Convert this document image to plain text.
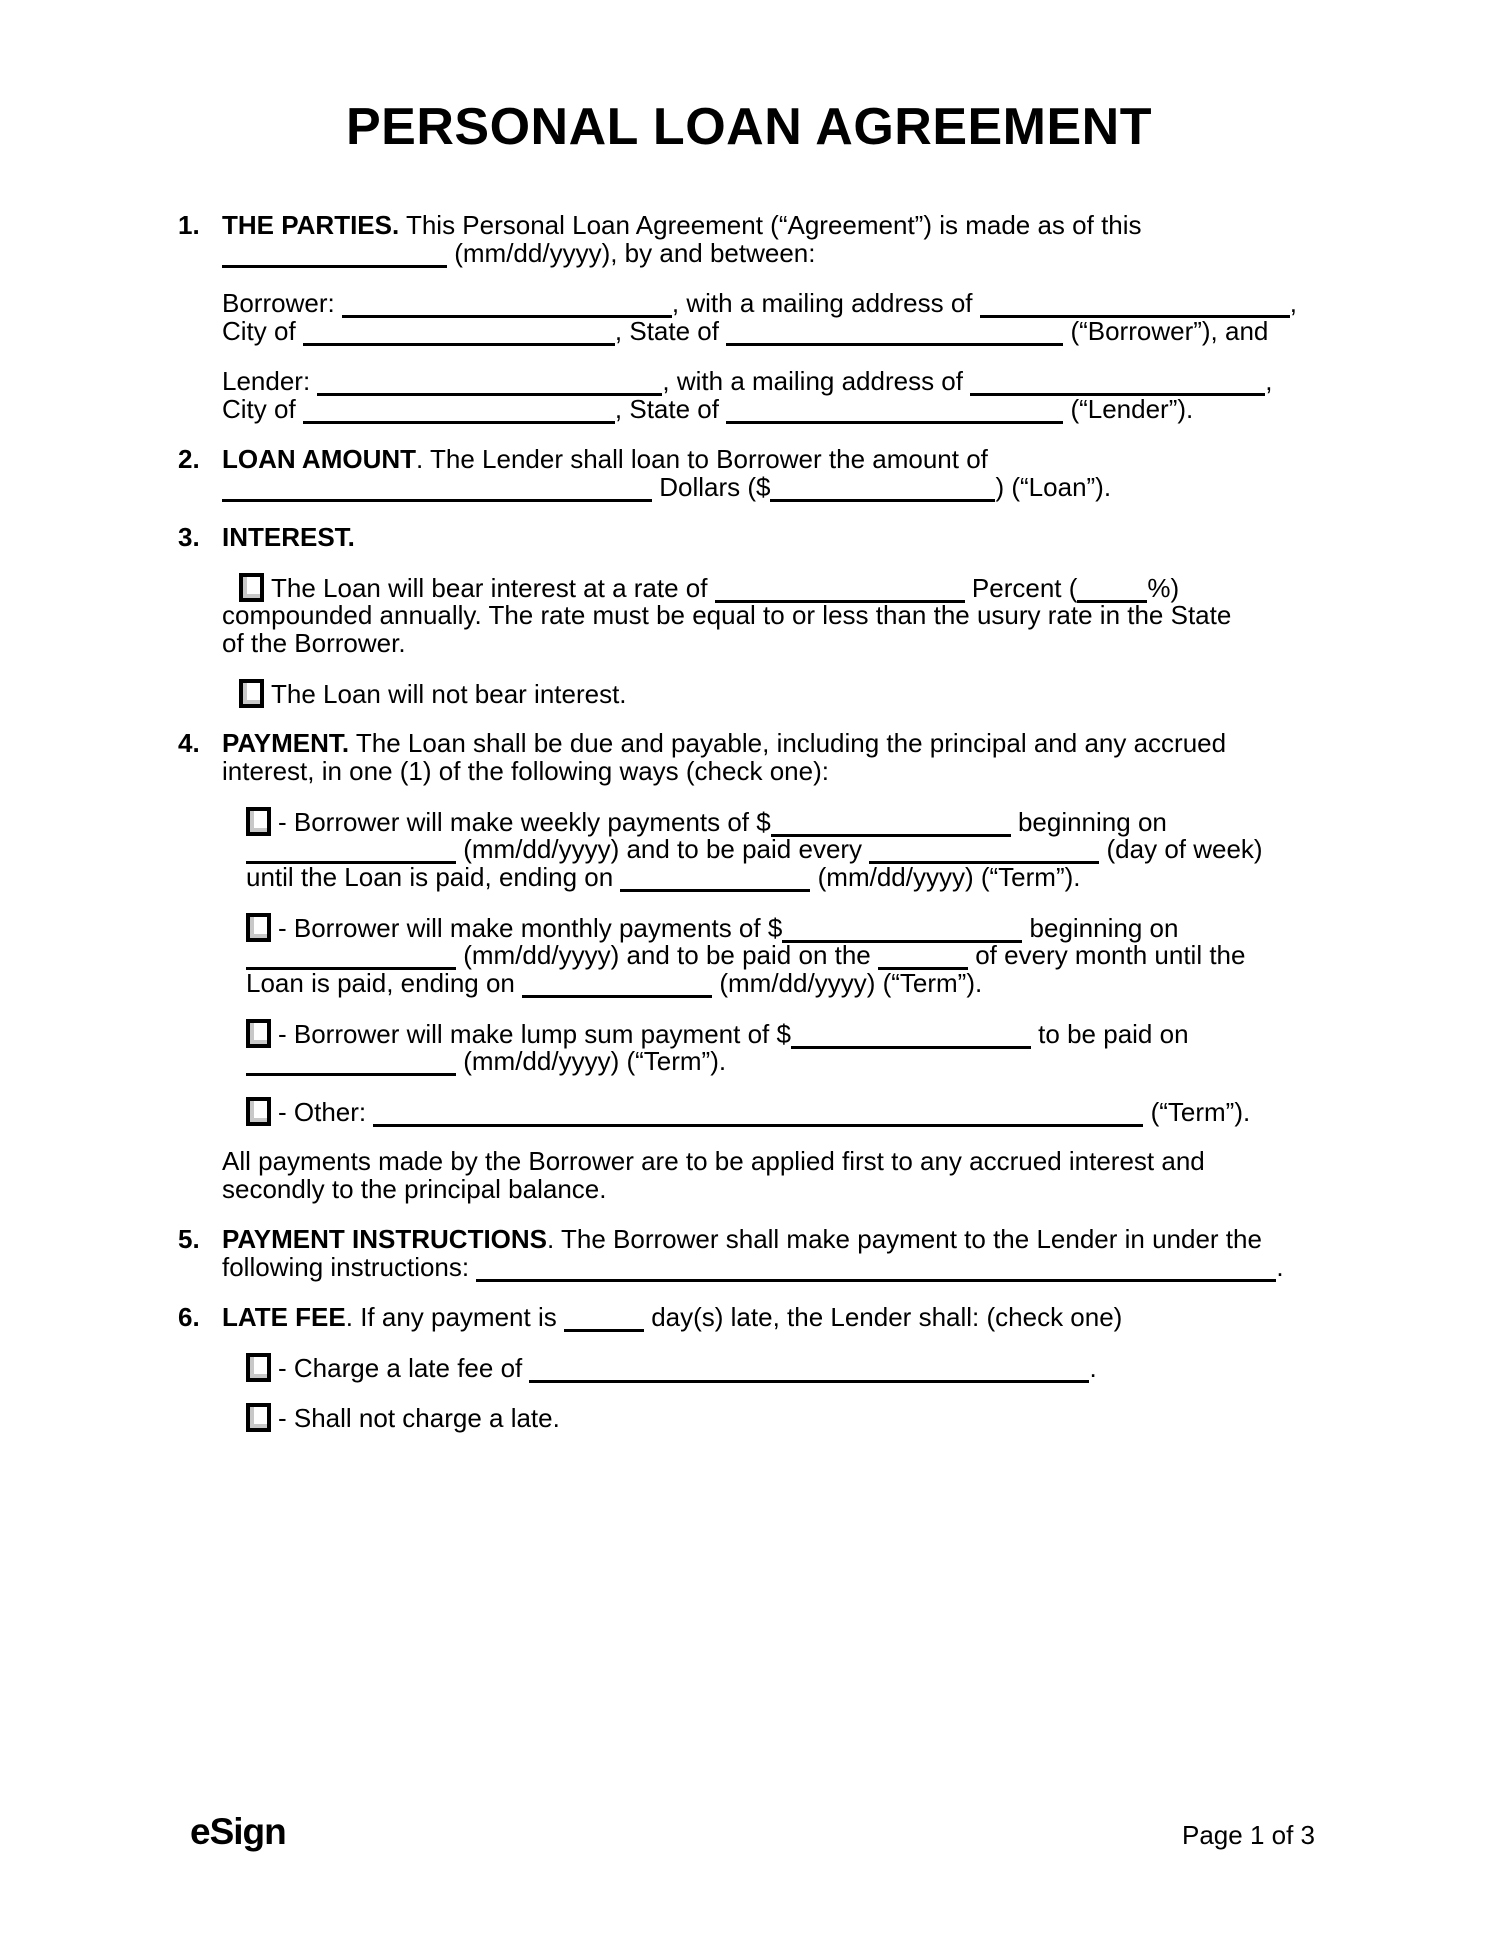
PERSONAL LOAN AGREEMENT
1. THE PARTIES. This Personal Loan Agreement (“Agreement”) is made as of this
(mm/dd/yyyy), by and between:
Borrower:	, with a mailing address of	,
City of	, State of	(“Borrower”), and
Lender:	, with a mailing address of	,
City of	, State of	(“Lender”).
2. LOAN AMOUNT. The Lender shall loan to Borrower the amount of
Dollars ($	) (“Loan”).
3. INTEREST.
The Loan will bear interest at a rate of	Percent (	%)
compounded annually. The rate must be equal to or less than the usury rate in the State
of the Borrower.
The Loan will not bear interest.
4. PAYMENT. The Loan shall be due and payable, including the principal and any accrued
interest, in one (1) of the following ways (check one):
- Borrower will make weekly payments of $	beginning on
(mm/dd/yyyy) and to be paid every	(day of week)
until the Loan is paid, ending on	(mm/dd/yyyy) (“Term”).
- Borrower will make monthly payments of $	beginning on
(mm/dd/yyyy) and to be paid on the	of every month until the
Loan is paid, ending on	(mm/dd/yyyy) (“Term”).
- Borrower will make lump sum payment of $	to be paid on
(mm/dd/yyyy) (“Term”).
- Other:	(“Term”).
All payments made by the Borrower are to be applied first to any accrued interest and
secondly to the principal balance.
5. PAYMENT INSTRUCTIONS. The Borrower shall make payment to the Lender in under the
following instructions:	.
6. LATE FEE. If any payment is	day(s) late, the Lender shall: (check one)
- Charge a late fee of	.
- Shall not charge a late.
eSign	Page 1 of 3
